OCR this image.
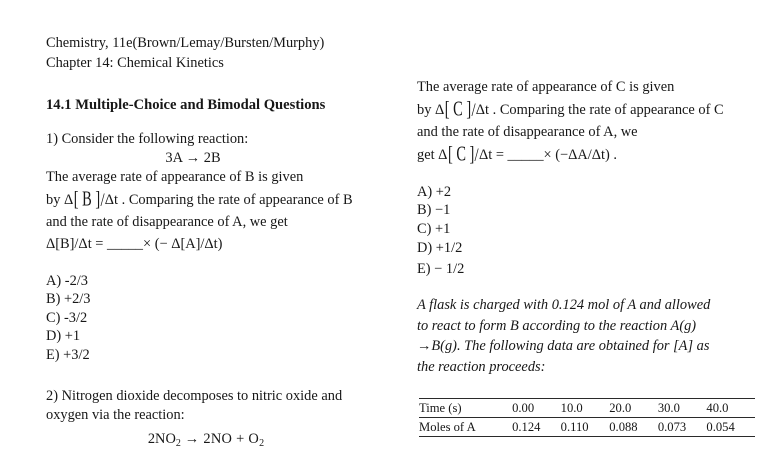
Chemistry, 11e(Brown/Lemay/Bursten/Murphy)
Chapter 14: Chemical Kinetics
14.1 Multiple-Choice and Bimodal Questions
1) Consider the following reaction:
3A → 2B
The average rate of appearance of B is given
by Δ[ B ]/Δt . Comparing the rate of appearance of B
and the rate of disappearance of A, we get
Δ[B]/Δt = _____× (− Δ[A]/Δt)
A) -2/3
B) +2/3
C) -3/2
D) +1
E) +3/2
2) Nitrogen dioxide decomposes to nitric oxide and
oxygen via the reaction:
$2NO_2 \to 2NO + O_2$
The average rate of appearance of C is given
by Δ[ C ]/Δt . Comparing the rate of appearance of C
and the rate of disappearance of A, we
get Δ[ C ]/Δt = _____× (−ΔA/Δt) .
A) +2
B) −1
C) +1
D) +1/2
E) − 1/2
A flask is charged with 0.124 mol of A and allowed
to react to form B according to the reaction A(g)
→B(g). The following data are obtained for [A] as
the reaction proceeds:
Time (s)	0.00	10.0	20.0	30.0	40.0
Moles of A	0.124	0.110	0.088	0.073	0.054
